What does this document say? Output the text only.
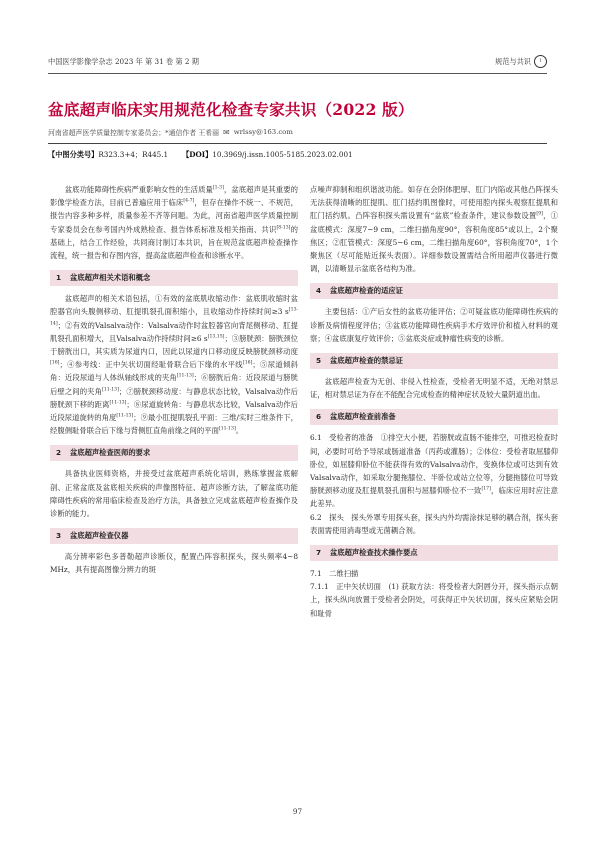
中国医学影像学杂志 2023 年 第 31 卷 第 2 期	规范与共识	i
盆底超声临床实用规范化检查专家共识（2022 版）
河南省超声医学质量控制专家委员会；*通信作者 王希丽 ✉ wrlssy@163.com
【中图分类号】R323.3+4；R445.1 【DOI】10.3969/j.issn.1005-5185.2023.02.001

盆底功能障碍性疾病严重影响女性的生活质量[1-3]，盆底超声是其重要的影像学检查方法，目前已普遍应用于临床[4-7]，但存在操作不统一、不规范，报告内容多种多样，质量参差不齐等问题。为此，河南省超声医学质量控制专家委员会在参考国内外成熟检查、报告体系标准及相关指南、共识[8-13]的基础上，结合工作经验，共同商讨制订本共识，旨在规范盆底超声检查操作流程，统一报告和存图内容，提高盆底超声检查和诊断水平。

1 盆底超声相关术语和概念

盆底超声的相关术语包括，①有效的盆底肌收缩动作：盆底肌收缩时盆腔器官向头腹侧移动、肛提肌裂孔面积缩小，且收缩动作持续时间≥3 s[13-14]；②有效的Valsalva动作：Valsalva动作时盆腔器官向背尾侧移动、肛提肌裂孔面积增大，且Valsalva动作持续时间≥6 s[13,15]；③膀胱颈：膀胱颈位于膀胱出口，其实质为尿道内口，因此以尿道内口移动度反映膀胱颈移动度[16]；④参考线：正中矢状切面经耻骨联合后下缘的水平线[16]；⑤尿道倾斜角：近段尿道与人体纵轴线形成的夹角[11-13]；⑥膀胱后角：近段尿道与膀胱后壁之间的夹角[11-13]；⑦膀胱颈移动度：与静息状态比较，Valsalva动作后膀胱颈下移的距离[11-13]；⑧尿道旋转角：与静息状态比较，Valsalva动作后近段尿道旋转的角度[11-13]；⑨最小肛提肌裂孔平面：三维/实时三维条件下，经腹侧耻骨联合后下缘与背侧肛直角前缘之间的平面[11-13]。

2 盆底超声检查医师的要求

具备执业医师资格，并接受过盆底超声系统化培训，熟练掌握盆底解剖、正常盆底及盆底相关疾病的声像图特征、超声诊断方法，了解盆底功能障碍性疾病的常用临床检查及治疗方法，具备独立完成盆底超声检查操作及诊断的能力。

3 盆底超声检查仪器

高分辨率彩色多普勒超声诊断仪，配置凸阵容积探头，探头频率4~8 MHz，具有提高图像分辨力的斑

点噪声抑制和组织谐波功能。如存在会阴体肥厚、肛门内陷或其他凸阵探头无法获得清晰的肛提肌、肛门括约肌图像时，可使用腔内探头观察肛提肌和肛门括约肌。凸阵容积探头需设置有“盆底”检查条件，建议参数设置[9]，①盆底模式：深度7~9 cm，二维扫描角度90°，容积角度85°或以上，2个聚焦区；②肛管模式：深度5~6 cm，二维扫描角度60°，容积角度70°，1个聚焦区（尽可能贴近探头表面）。详细参数设置需结合所用超声仪器进行微调，以清晰显示盆底各结构为准。

4 盆底超声检查的适应证

主要包括：①产后女性的盆底功能评估；②可疑盆底功能障碍性疾病的诊断及病情程度评估；③盆底功能障碍性疾病手术疗效评价和植入材料的观察；④盆底康复疗效评价；⑤盆底炎症或肿瘤性病变的诊断。

5 盆底超声检查的禁忌证

盆底超声检查为无创、非侵入性检查，受检者无明显不适，无绝对禁忌证，相对禁忌证为存在不能配合完成检查的精神症状及较大量阴道出血。

6 盆底超声检查前准备

6.1　受检者的准备　①排空大小便，若膀胱或直肠不能排空，可推迟检查时间，必要时可给予导尿或肠道准备（丙药或灌肠）；②体位：受检者取屈膝仰卧位，如屈膝仰卧位不能获得有效的Valsalva动作，变换体位或可达到有效Valsalva动作，如采取分腿拖膝位、半卧位或站立位等，分腿拖膝位可导致膀胱颈移动度及肛提肌裂孔面积与屈膝仰卧位不一致[17]，临床应用时应注意此差异。

6.2　探头　探头外罩专用探头套，探头内外均需涂抹足够的耦合剂，探头套表面需使用消毒型或无菌耦合剂。

7 盆底超声检查技术操作要点

7.1　二维扫描

7.1.1　正中矢状切面　(1) 获取方法：将受检者大阴唇分开，探头指示点朝上，探头纵向放置于受检者会阴处，可获得正中矢状切面，探头应紧贴会阴和耻骨

97
